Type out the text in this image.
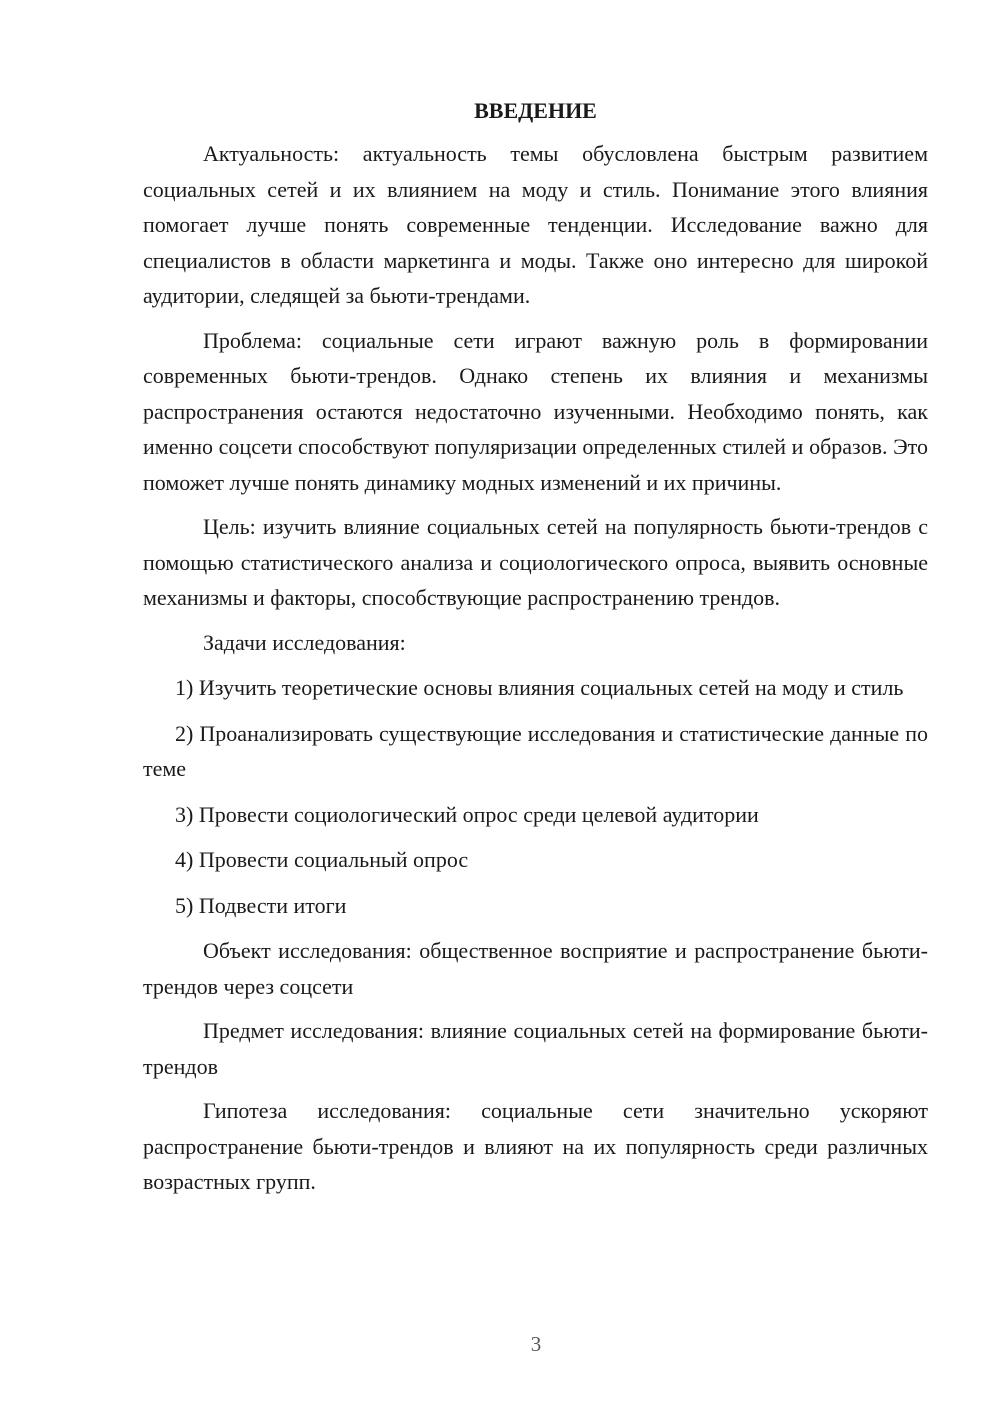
ВВЕДЕНИЕ

Актуальность: актуальность темы обусловлена быстрым развитием социальных сетей и их влиянием на моду и стиль. Понимание этого влияния помогает лучше понять современные тенденции. Исследование важно для специалистов в области маркетинга и моды. Также оно интересно для широкой аудитории, следящей за бьюти-трендами.

Проблема: социальные сети играют важную роль в формировании современных бьюти-трендов. Однако степень их влияния и механизмы распространения остаются недостаточно изученными. Необходимо понять, как именно соцсети способствуют популяризации определенных стилей и образов. Это поможет лучше понять динамику модных изменений и их причины.

Цель: изучить влияние социальных сетей на популярность бьюти-трендов с помощью статистического анализа и социологического опроса, выявить основные механизмы и факторы, способствующие распространению трендов.

Задачи исследования:

1) Изучить теоретические основы влияния социальных сетей на моду и стиль

2) Проанализировать существующие исследования и статистические данные по теме

3) Провести социологический опрос среди целевой аудитории

4) Провести социальный опрос

5) Подвести итоги

Объект исследования: общественное восприятие и распространение бьюти-трендов через соцсети

Предмет исследования: влияние социальных сетей на формирование бьюти-трендов

Гипотеза исследования: социальные сети значительно ускоряют распространение бьюти-трендов и влияют на их популярность среди различных возрастных групп.

3
